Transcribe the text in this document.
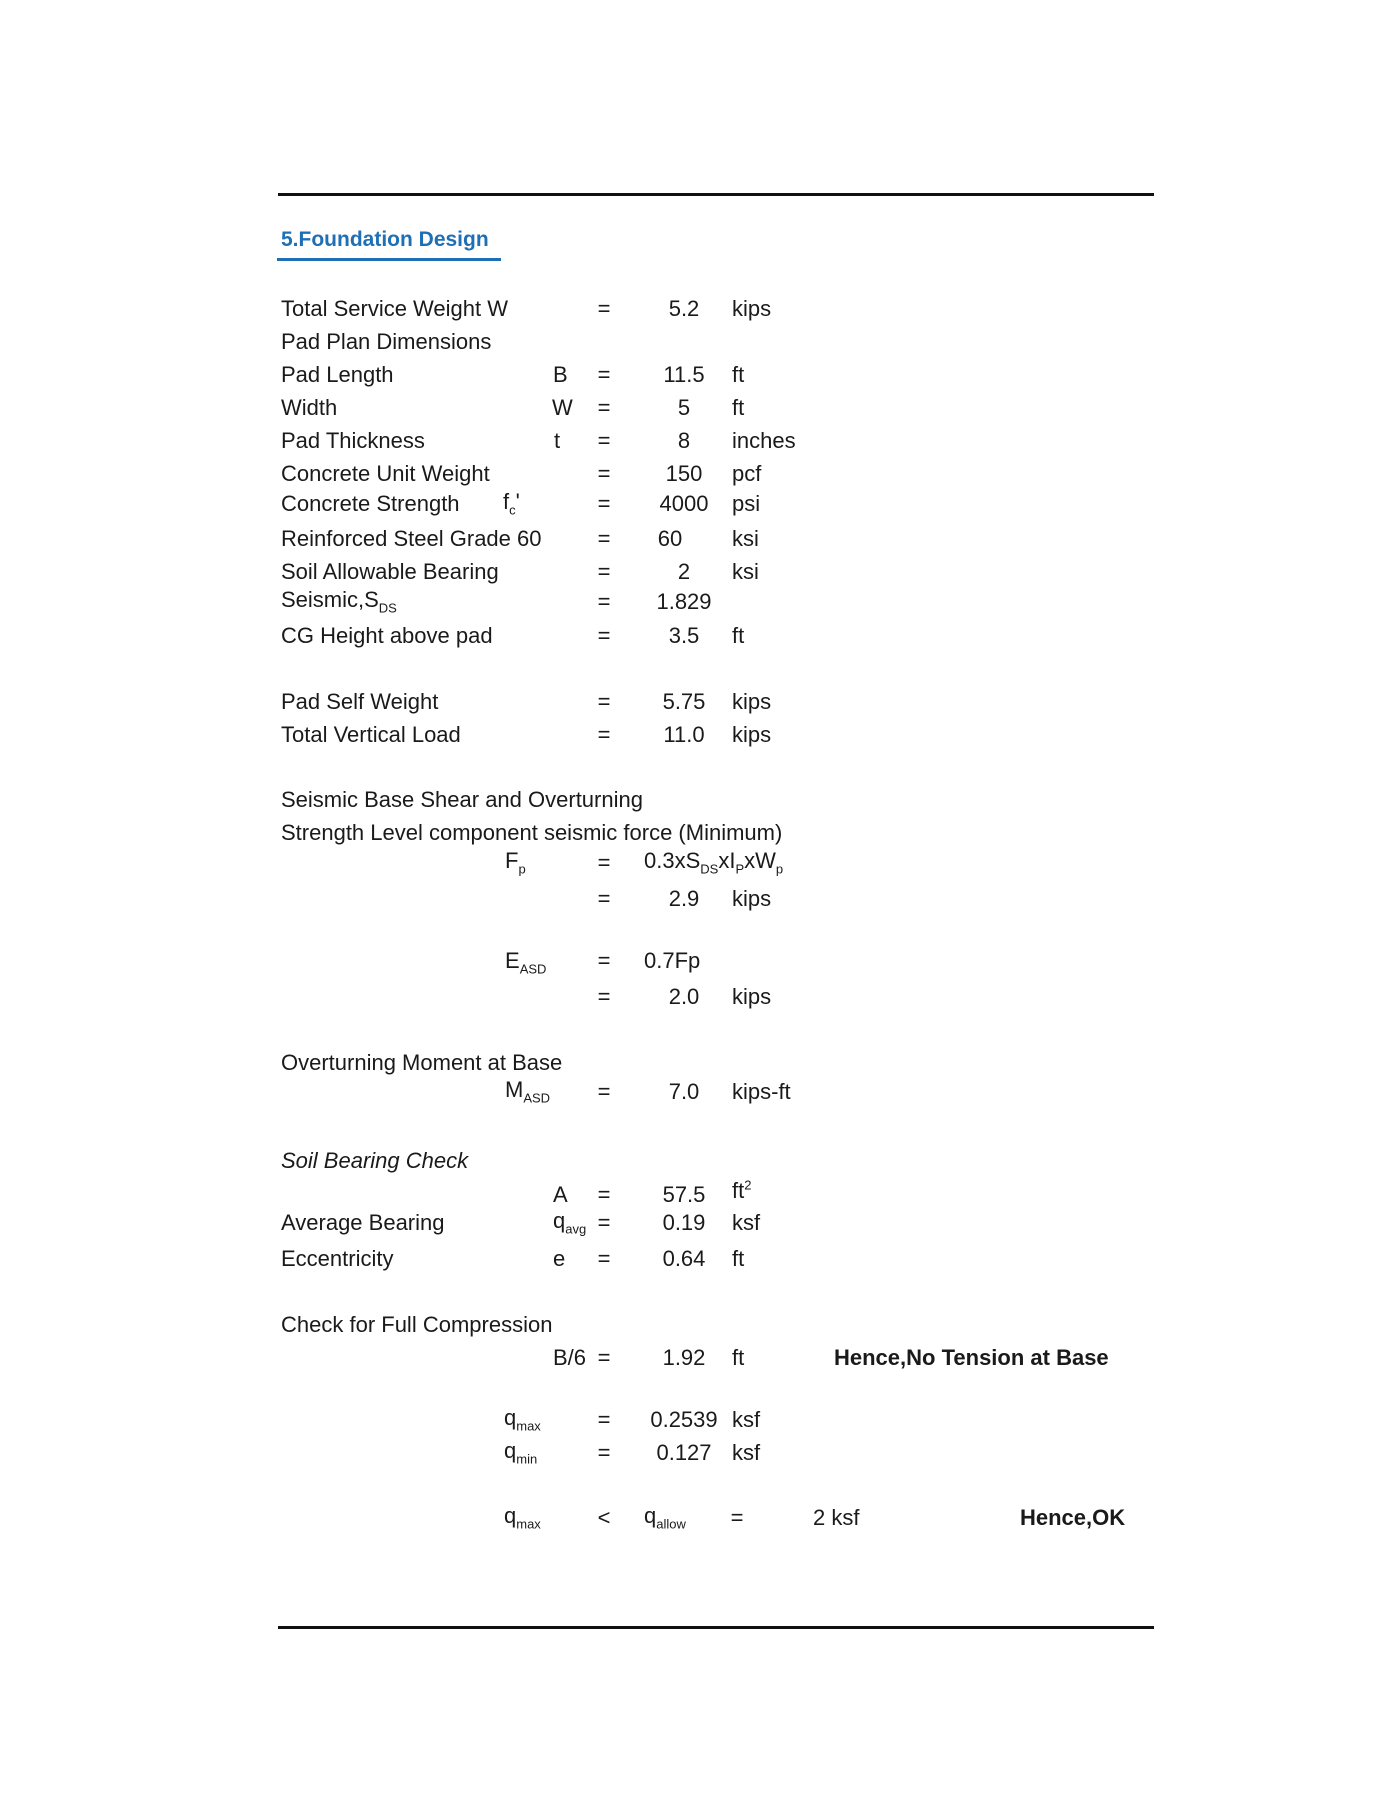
5.Foundation Design
Total Service Weight W	=	5.2	kips
Pad Plan Dimensions
Pad Length	B =	11.5	ft
Width	W =	5	ft
Pad Thickness	t =	8	inches
Concrete Unit Weight	=	150	pcf
Concrete Strength $f_c'$	=	4000	psi
Reinforced Steel Grade 60	=	60	ksi
Soil Allowable Bearing	=	2	ksi
$Seismic,S_{DS}$	=	1.829
CG Height above pad	=	3.5	ft
Pad Self Weight	=	5.75	kips
Total Vertical Load	=	11.0	kips
Seismic Base Shear and Overturning
Strength Level component seismic force (Minimum)
$F_p$	= $0.3xS_{DS}xI_PxW_p$
=	2.9	kips
$E_{ASD} = 0.7Fp$
=	2.0	kips
Overturning Moment at Base
$M_{ASD}$ =	7.0	kips-ft
Soil Bearing Check
A =	57.5	$ft^2$
Average Bearing	$q_{avg}$ =	0.19	ksf
Eccentricity	e =	0.64	ft
Check for Full Compression
B/6 =	1.92	ft	Hence,No Tension at Base
$q_{max}$	=	0.2539 ksf
$q_{min}$	=	0.127 ksf
$q_{max}$	< $q_{allow}$ =	2 ksf	Hence,OK
